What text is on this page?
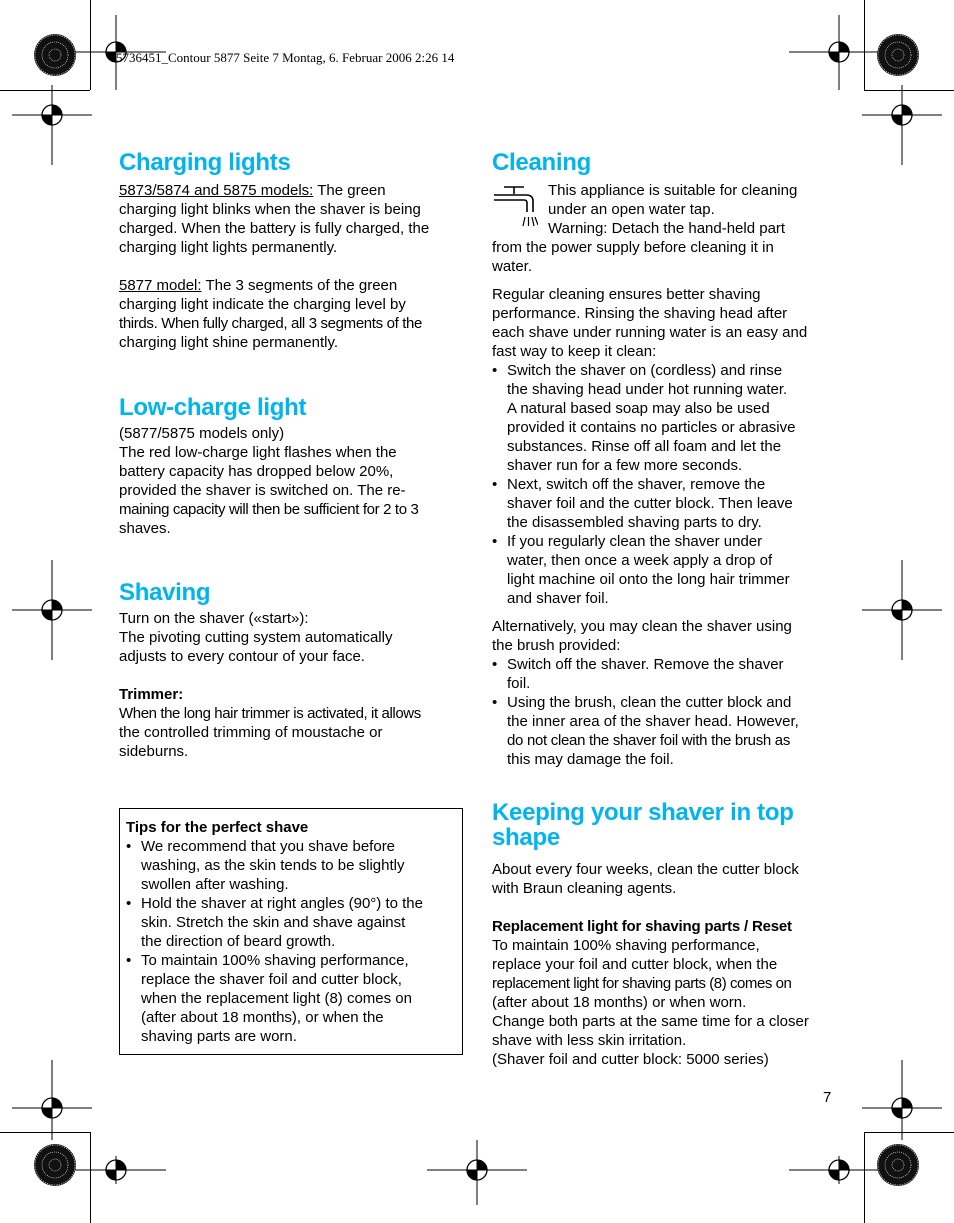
5736451_Contour 5877 Seite 7 Montag, 6. Februar 2006 2:26 14
Charging lights

5873/5874 and 5875 models: The green

charging light blinks when the shaver is being

charged. When the battery is fully charged, the

charging light lights permanently.

5877 model: The 3 segments of the green

charging light indicate the charging level by

thirds. When fully charged, all 3 segments of the

charging light shine permanently.

Low-charge light

(5877/5875 models only)

The red low-charge light flashes when the

battery capacity has dropped below 20%,

provided the shaver is switched on. The re-

maining capacity will then be sufficient for 2 to 3

shaves.

Shaving

Turn on the shaver («start»):

The pivoting cutting system automatically

adjusts to every contour of your face.

Trimmer:

When the long hair trimmer is activated, it allows

the controlled trimming of moustache or

sideburns.

Tips for the perfect shave

• We recommend that you shave before
washing, as the skin tends to be slightly
swollen after washing.
• Hold the shaver at right angles (90°) to the
skin. Stretch the skin and shave against
the direction of beard growth.
• To maintain 100% shaving performance,
replace the shaver foil and cutter block,
when the replacement light (8) comes on
(after about 18 months), or when the
shaving parts are worn.
Cleaning

This appliance is suitable for cleaning

under an open water tap.

Warning: Detach the hand-held part

from the power supply before cleaning it in

water.

Regular cleaning ensures better shaving

performance. Rinsing the shaving head after

each shave under running water is an easy and

fast way to keep it clean:

• Switch the shaver on (cordless) and rinse
the shaving head under hot running water.
A natural based soap may also be used
provided it contains no particles or abrasive
substances. Rinse off all foam and let the
shaver run for a few more seconds.
• Next, switch off the shaver, remove the
shaver foil and the cutter block. Then leave
the disassembled shaving parts to dry.
• If you regularly clean the shaver under
water, then once a week apply a drop of
light machine oil onto the long hair trimmer
and shaver foil.

Alternatively, you may clean the shaver using

the brush provided:

• Switch off the shaver. Remove the shaver
foil.
• Using the brush, clean the cutter block and
the inner area of the shaver head. However,
do not clean the shaver foil with the brush as
this may damage the foil.
Keeping your shaver in top
shape

About every four weeks, clean the cutter block

with Braun cleaning agents.

Replacement light for shaving parts / Reset

To maintain 100% shaving performance,

replace your foil and cutter block, when the

replacement light for shaving parts (8) comes on

(after about 18 months) or when worn.

Change both parts at the same time for a closer

shave with less skin irritation.

(Shaver foil and cutter block: 5000 series)

7
